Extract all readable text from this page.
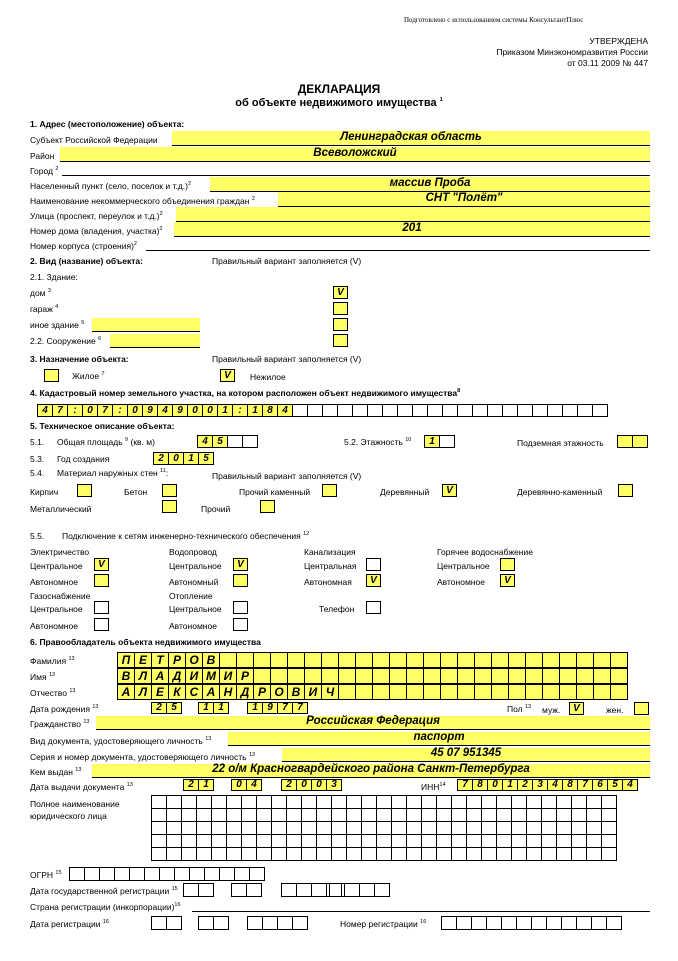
Подготовлено с использованием системы КонсультантПлюс
УТВЕРЖДЕНА
Приказом Минэкономразвития России
от 03.11 2009 № 447
ДЕКЛАРАЦИЯ
об объекте недвижимого имущества $^1$
1. Адрес (местоположение) объекта:
Субъект Российской Федерации	Ленинградская область
Район	Всеволожский
Город $^2$
Населенный пункт (село, поселок и т.д.)$^2$	массив Проба
Наименование некоммерческого объединения граждан $^2$	СНТ "Полёт"
Улица (проспект, переулок и т.д.)$^2$
Номер дома (владения, участка)$^2$	201
Номер корпуса (строения)$^2$
2. Вид (название) объекта:	Правильный вариант заполняется (V)
2.1. Здание:
дом $^3$	V
гараж $^4$
иное здание $^5$
2.2. Сооружение $^6$
3. Назначение объекта:	Правильный вариант заполняется (V)
Жилое $^7$	V	Нежилое
4. Кадастровый номер земельного участка, на котором расположен объект недвижимого имущества$^8$
4 7	:	0 7	:	0 9 4 9 0 0 1	:	1 8 4
5. Техническое описание объекта:
5.1. Общая площадь $^9$ (кв. м)	4 5	5.2. Этажность $^{10}$	1	Подземная этажность
5.3. Год создания	2 0 1 5
5.4. Материал наружных стен $^{11}$:	Правильный вариант заполняется (V)
Кирпич	Бетон	Прочий каменный	Деревянный	V	Деревянно-каменный
Металлический	Прочий
5.5. Подключение к сетям инженерно-технического обеспечения $^{12}$
Электричество	Водопровод	Канализация	Горячее водоснабжение
Центральное	V	Центральное	V	Центральная	Центральное
Автономное	Автономный	Автономная	V	Автономное	V
Газоснабжение	Отопление
Центральное	Центральное	Телефон
Автономное	Автономное
6. Правообладатель объекта недвижимого имущества
Фамилия $^{13}$	П Е Т Р О В
Имя $^{13}$	В Л А Д И М И Р
Отчество $^{13}$	А Л Е К С А Н Д Р О В И Ч
Дата рождения $^{13}$	2 5	1 1	1 9 7 7	Пол $^{13}$ муж.	V	жен.
Гражданство $^{13}$	Российская Федерация
Вид документа, удостоверяющего личность $^{13}$	паспорт
Серия и номер документа, удостоверяющего личность $^{13}$	45 07 951345
Кем выдан $^{13}$	22 о/м Красногвардейского района Санкт-Петербурга
Дата выдачи документа $^{13}$	2 1	0 4	2 0 0 3	ИНН$^{14}$	7 8 0 1 2 3 4 8 7 6 5 4
Полное наименование
юридического лица
ОГРН $^{15}$
Дата государственной регистрации $^{15}$
Страна регистрации (инкорпорации)$^{16}$
Дата регистрации $^{16}$	Номер регистрации $^{16}$
